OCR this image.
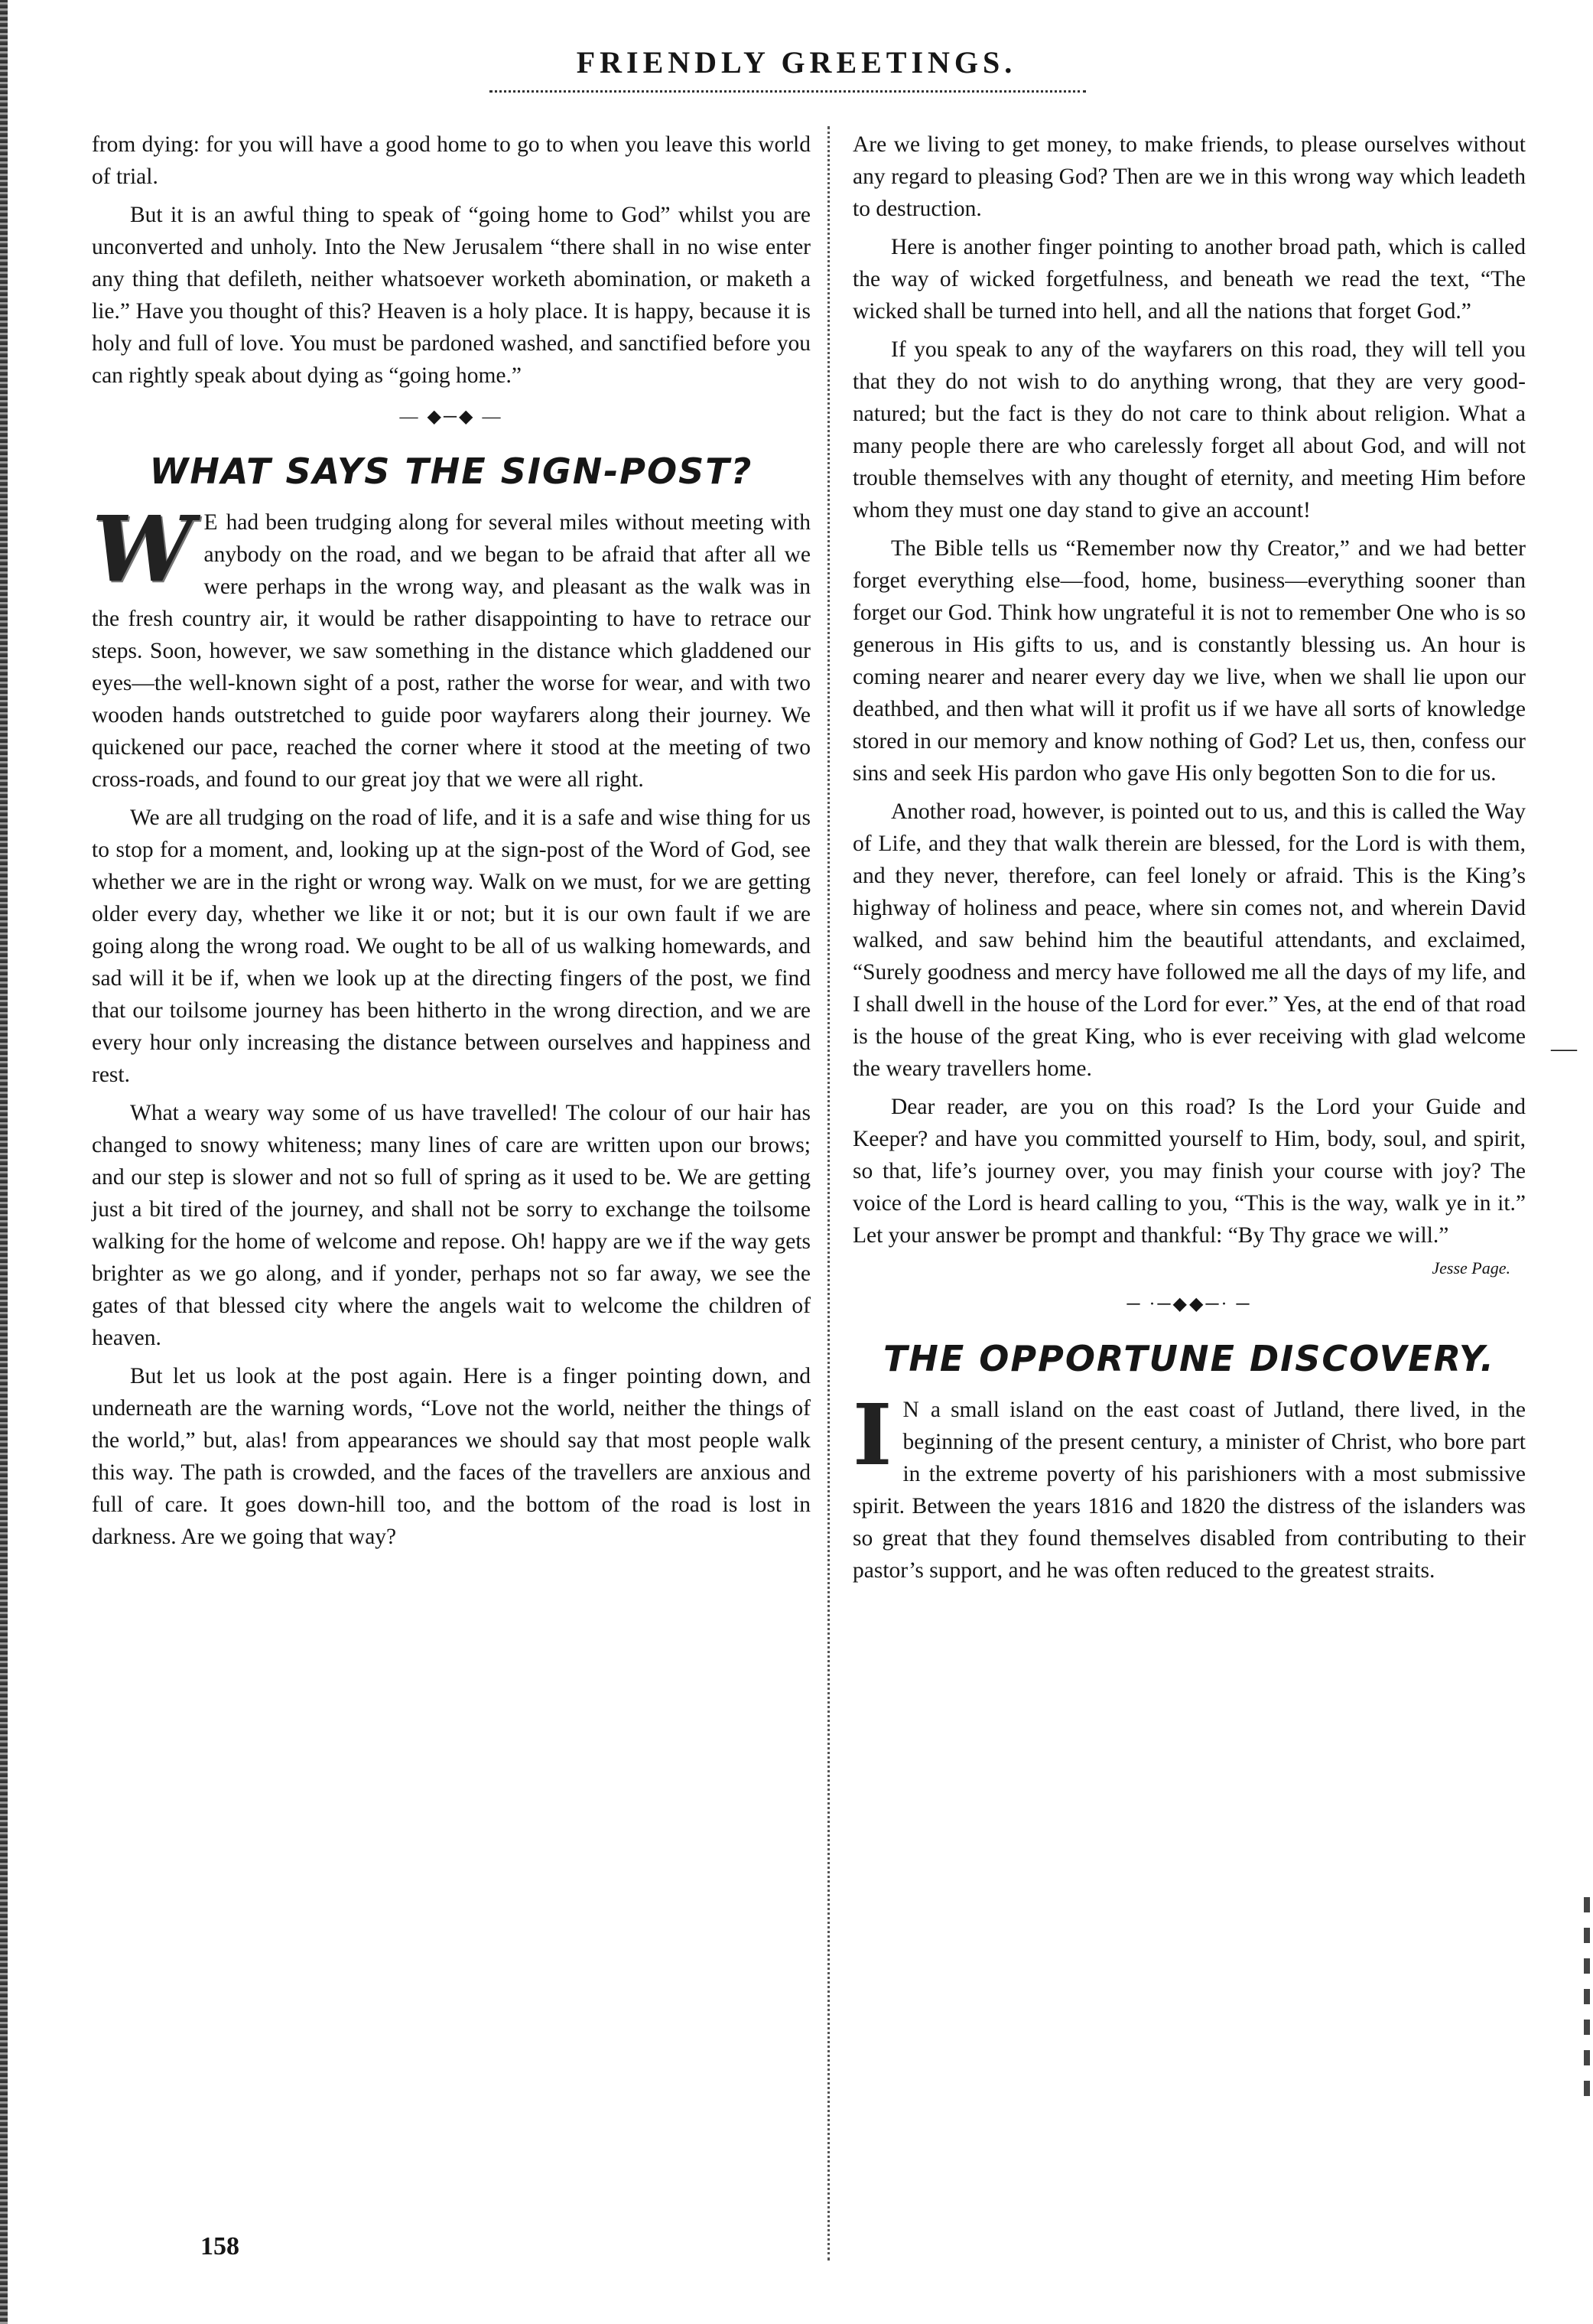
FRIENDLY GREETINGS.

from dying: for you will have a good home to go to when you leave this world of trial.

But it is an awful thing to speak of “going home to God” whilst you are unconverted and unholy. Into the New Jerusalem “there shall in no wise enter any thing that defileth, neither whatsoever worketh abomination, or maketh a lie.” Have you thought of this? Heaven is a holy place. It is happy, because it is holy and full of love. You must be pardoned washed, and sanctified before you can rightly speak about dying as “going home.”

— ◆─◆ —
WHAT SAYS THE SIGN-POST?

W E had been trudging along for several miles without meeting with anybody on the road, and we began to be afraid that after all we were perhaps in the wrong way, and pleasant as the walk was in the fresh country air, it would be rather disappointing to have to retrace our steps. Soon, however, we saw something in the distance which gladdened our eyes—the well-known sight of a post, rather the worse for wear, and with two wooden hands outstretched to guide poor wayfarers along their journey. We quickened our pace, reached the corner where it stood at the meeting of two cross-roads, and found to our great joy that we were all right.

We are all trudging on the road of life, and it is a safe and wise thing for us to stop for a moment, and, looking up at the sign-post of the Word of God, see whether we are in the right or wrong way. Walk on we must, for we are getting older every day, whether we like it or not; but it is our own fault if we are going along the wrong road. We ought to be all of us walking homewards, and sad will it be if, when we look up at the directing fingers of the post, we find that our toilsome journey has been hitherto in the wrong direction, and we are every hour only increasing the distance between ourselves and happiness and rest.

What a weary way some of us have travelled! The colour of our hair has changed to snowy whiteness; many lines of care are written upon our brows; and our step is slower and not so full of spring as it used to be. We are getting just a bit tired of the journey, and shall not be sorry to exchange the toilsome walking for the home of welcome and repose. Oh! happy are we if the way gets brighter as we go along, and if yonder, perhaps not so far away, we see the gates of that blessed city where the angels wait to welcome the children of heaven.

But let us look at the post again. Here is a finger pointing down, and underneath are the warning words, “Love not the world, neither the things of the world,” but, alas! from appearances we should say that most people walk this way. The path is crowded, and the faces of the travellers are anxious and full of care. It goes down-hill too, and the bottom of the road is lost in darkness. Are we going that way?

Are we living to get money, to make friends, to please ourselves without any regard to pleasing God? Then are we in this wrong way which leadeth to destruction.

Here is another finger pointing to another broad path, which is called the way of wicked forgetfulness, and beneath we read the text, “The wicked shall be turned into hell, and all the nations that forget God.”

If you speak to any of the wayfarers on this road, they will tell you that they do not wish to do anything wrong, that they are very good-natured; but the fact is they do not care to think about religion. What a many people there are who carelessly forget all about God, and will not trouble themselves with any thought of eternity, and meeting Him before whom they must one day stand to give an account!

The Bible tells us “Remember now thy Creator,” and we had better forget everything else—food, home, business—everything sooner than forget our God. Think how ungrateful it is not to remember One who is so generous in His gifts to us, and is constantly blessing us. An hour is coming nearer and nearer every day we live, when we shall lie upon our deathbed, and then what will it profit us if we have all sorts of knowledge stored in our memory and know nothing of God? Let us, then, confess our sins and seek His pardon who gave His only begotten Son to die for us.

Another road, however, is pointed out to us, and this is called the Way of Life, and they that walk therein are blessed, for the Lord is with them, and they never, therefore, can feel lonely or afraid. This is the King’s highway of holiness and peace, where sin comes not, and wherein David walked, and saw behind him the beautiful attendants, and exclaimed, “Surely goodness and mercy have followed me all the days of my life, and I shall dwell in the house of the Lord for ever.” Yes, at the end of that road is the house of the great King, who is ever receiving with glad welcome the weary travellers home.

Dear reader, are you on this road? Is the Lord your Guide and Keeper? and have you committed yourself to Him, body, soul, and spirit, so that, life’s journey over, you may finish your course with joy? The voice of the Lord is heard calling to you, “This is the way, walk ye in it.” Let your answer be prompt and thankful: “By Thy grace we will.”

Jesse Page.
─ ·─◆◆─· ─
THE OPPORTUNE DISCOVERY.

I N a small island on the east coast of Jutland, there lived, in the beginning of the present century, a minister of Christ, who bore part in the extreme poverty of his parishioners with a most submissive spirit. Between the years 1816 and 1820 the distress of the islanders was so great that they found themselves disabled from contributing to their pastor’s support, and he was often reduced to the greatest straits.

—
158
